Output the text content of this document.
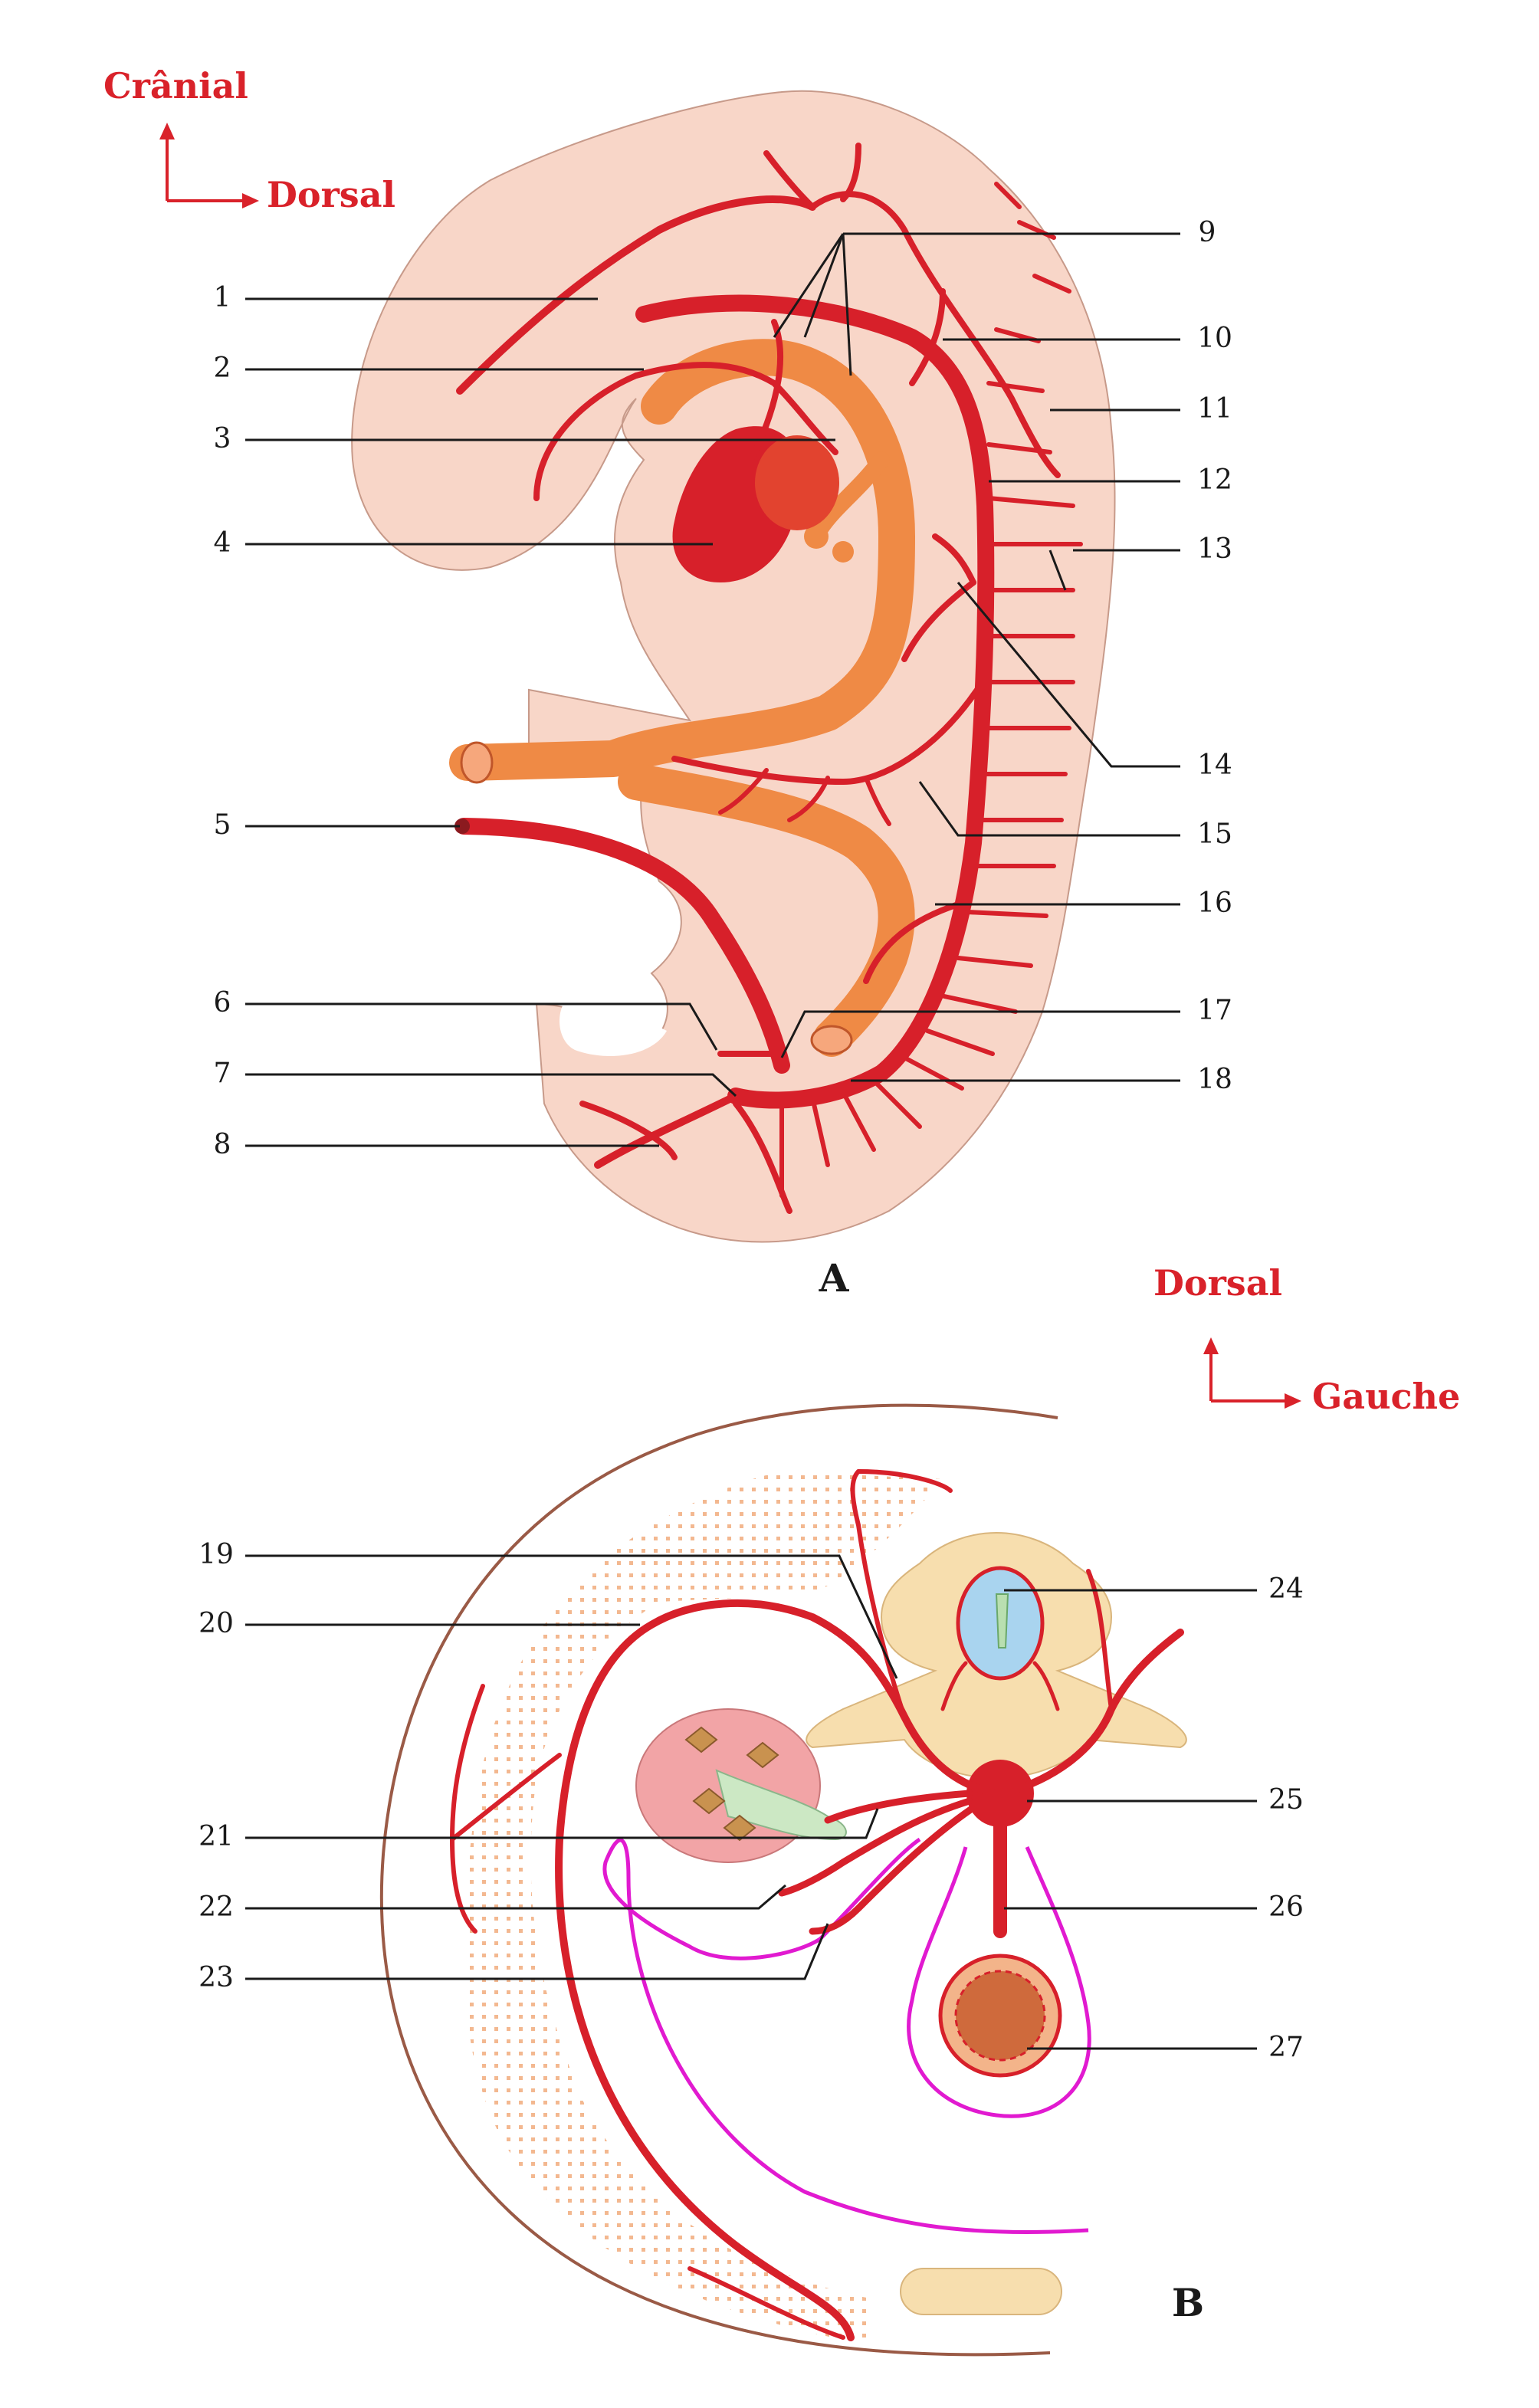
Crânial
Dorsal
1
2
3
4
5
6
7
8
9
10
11
12
13
14
15
16
17
18
A	Dorsal
Gauche
19
20
21
22
23
24
25
26
27
B
